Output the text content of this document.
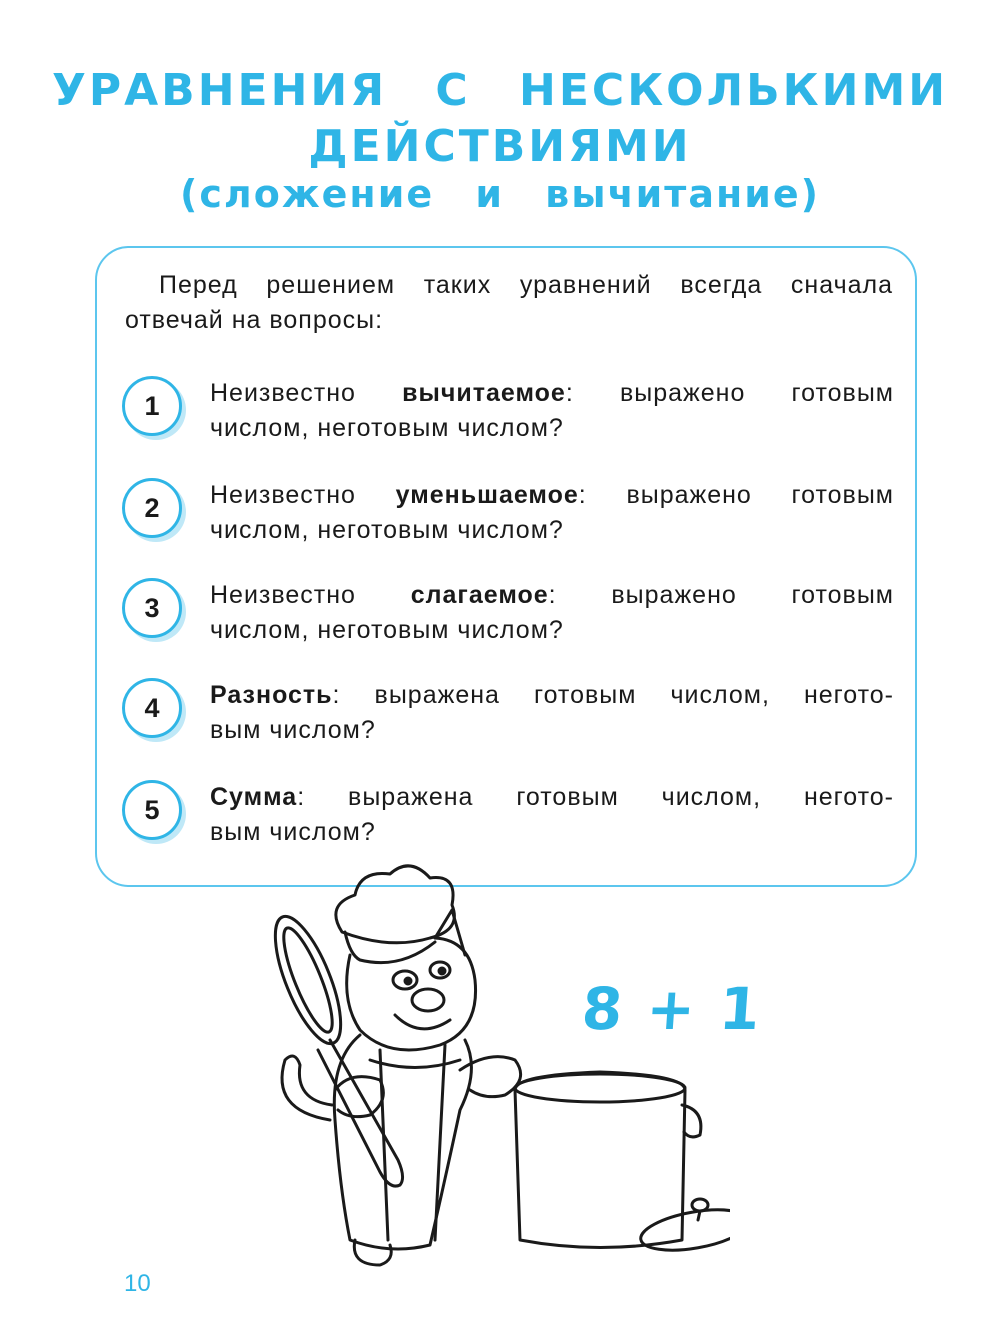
УРАВНЕНИЯ С НЕСКОЛЬКИМИ
ДЕЙСТВИЯМИ
(сложение и вычитание)

Перед решением таких уравнений всегда сначала отвечай на вопросы:

1	Неизвестно вычитаемое: выражено готовым
числом, неготовым числом?

2	Неизвестно уменьшаемое: выражено готовым
числом, неготовым числом?

3	Неизвестно слагаемое: выражено готовым
числом, неготовым числом?

4	Разность: выражена готовым числом, негото-
вым числом?

5	Сумма: выражена готовым числом, негото-
вым числом?

8 + 1
10
